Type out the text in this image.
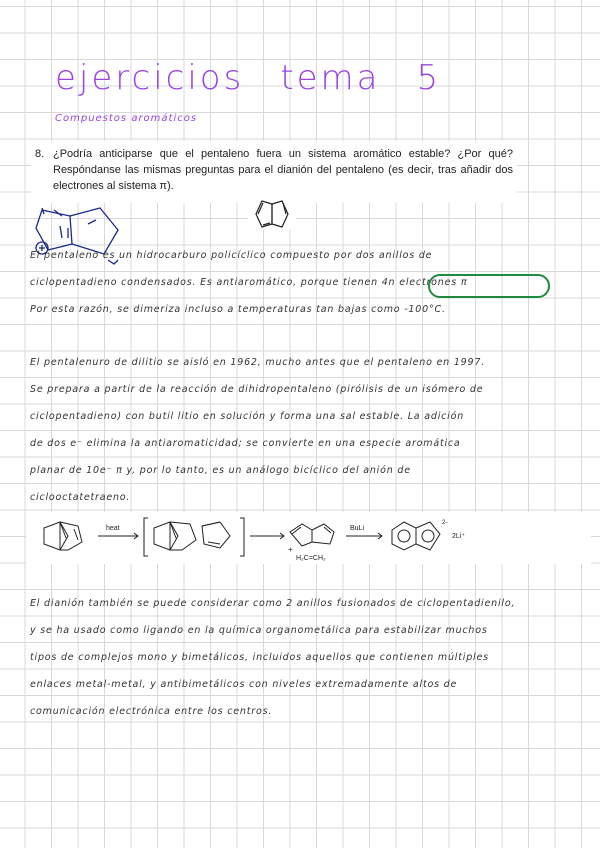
ejercicios tema 5
Compuestos aromáticos
8. ¿Podría anticiparse que el pentaleno fuera un sistema aromático estable? ¿Por qué? Respóndanse las mismas preguntas para el dianión del pentaleno (es decir, tras añadir dos electrones al sistema π).
El pentaleno es un hidrocarburo policíclico compuesto por dos anillos de
ciclopentadieno condensados. Es antiaromático, porque tienen 4n electrones π
Por esta razón, se dimeriza incluso a temperaturas tan bajas como -100°C.
El pentalenuro de dilitio se aisló en 1962, mucho antes que el pentaleno en 1997.
Se prepara a partir de la reacción de dihidropentaleno (pirólisis de un isómero de
ciclopentadieno) con butil litio en solución y forma una sal estable. La adición
de dos e⁻ elimina la antiaromaticidad; se convierte en una especie aromática
planar de 10e⁻ π y, por lo tanto, es un análogo bicíclico del anión de
ciclooctatetraeno.
heat
H₂C=CH₂
+
BuLi
2-
2Li⁺
El dianión también se puede considerar como 2 anillos fusionados de ciclopentadienilo,
y se ha usado como ligando en la química organometálica para estabilizar muchos
tipos de complejos mono y bimetálicos, incluidos aquellos que contienen múltiples
enlaces metal-metal, y antibimetálicos con niveles extremadamente altos de
comunicación electrónica entre los centros.
